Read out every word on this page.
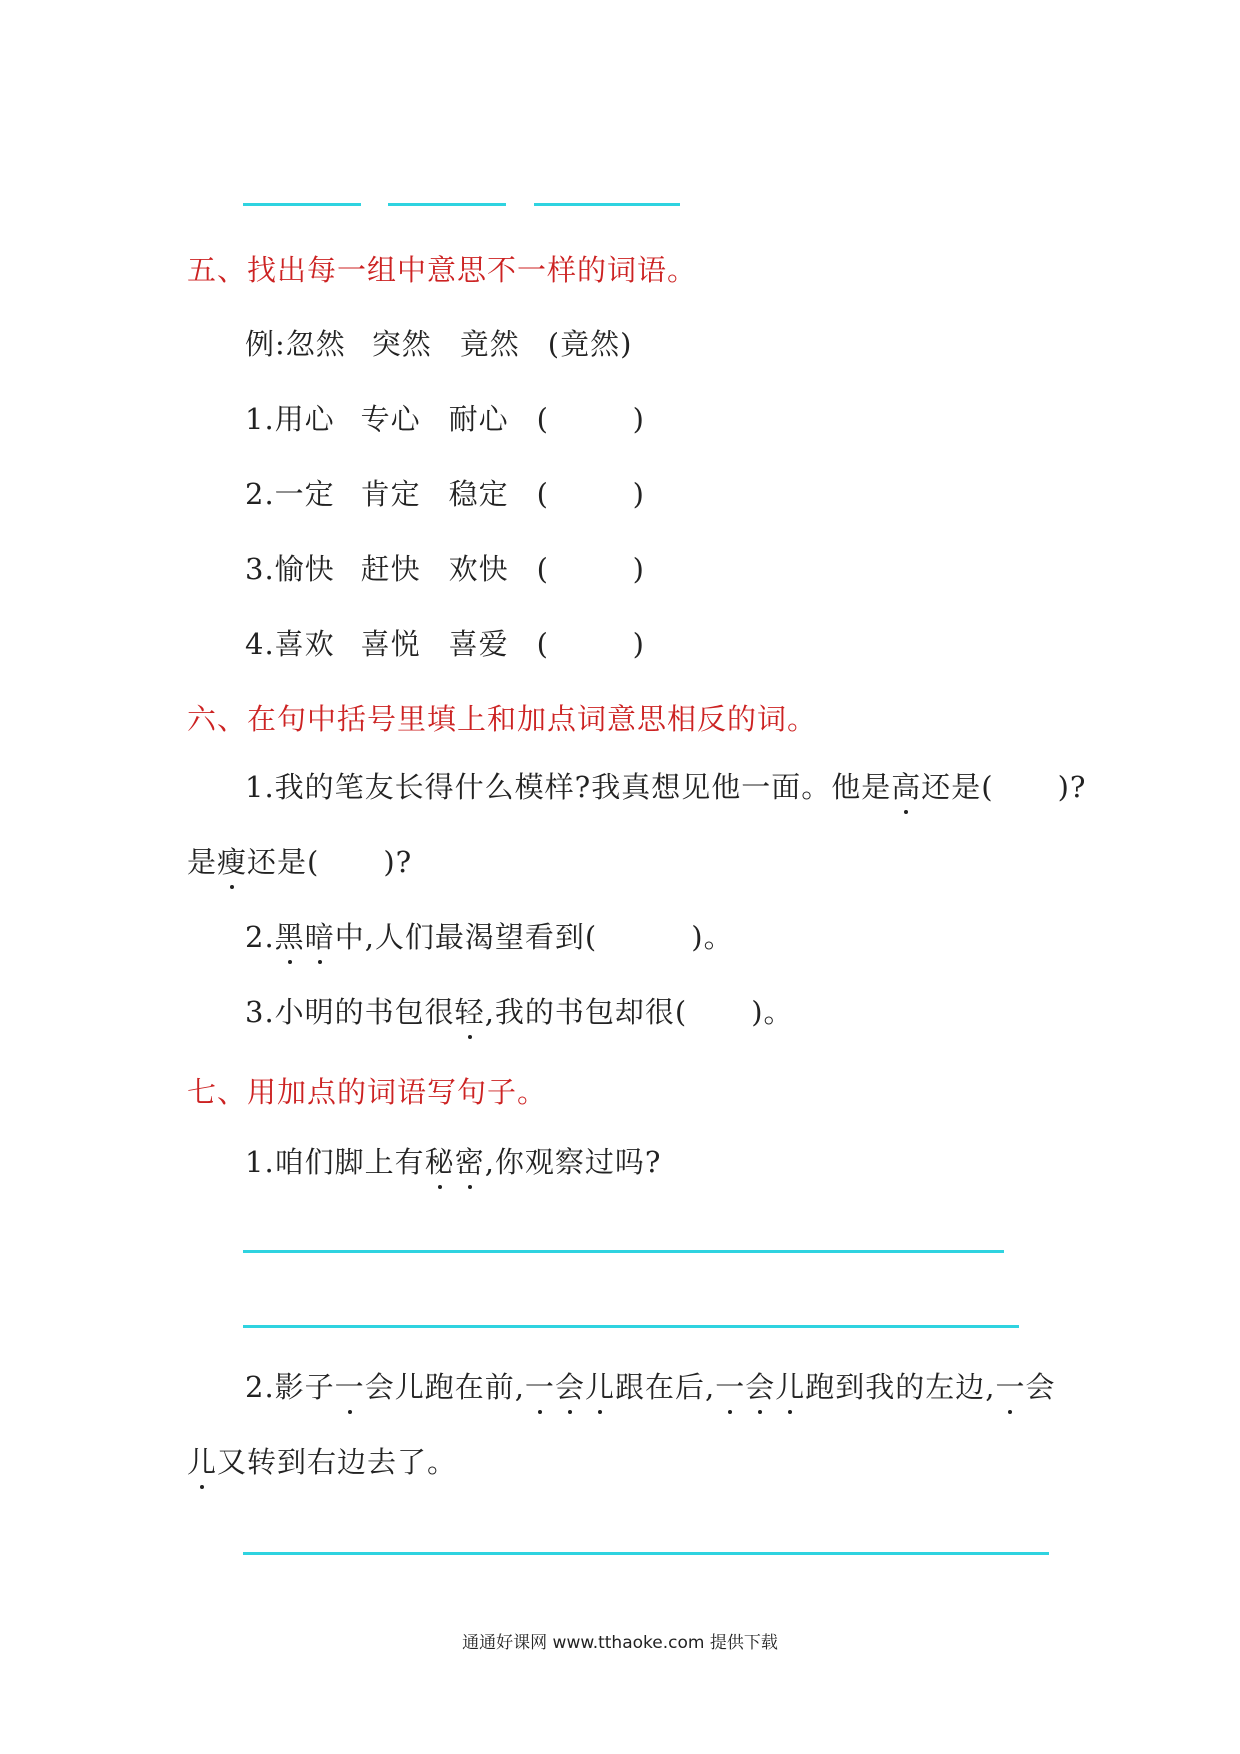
五、找出每一组中意思不一样的词语。
例:忽然 突然 竟然 (竟然)
1.用心 专心 耐心 (	)
2.一定 肯定 稳定 (	)
3.愉快 赶快 欢快 (	)
4.喜欢 喜悦 喜爱 (	)
六、在句中括号里填上和加点词意思相反的词。
1.我的笔友长得什么模样?我真想见他一面。他是高还是( )?
是瘦还是( )?
2.黑暗中,人们最渴望看到(	)。
3.小明的书包很轻,我的书包却很( )。
七、用加点的词语写句子。
1.咱们脚上有秘密,你观察过吗?
2.影子一会儿跑在前,一会儿跟在后,一会儿跑到我的左边,一会
儿又转到右边去了。
通通好课网 www.tthaoke.com 提供下载
